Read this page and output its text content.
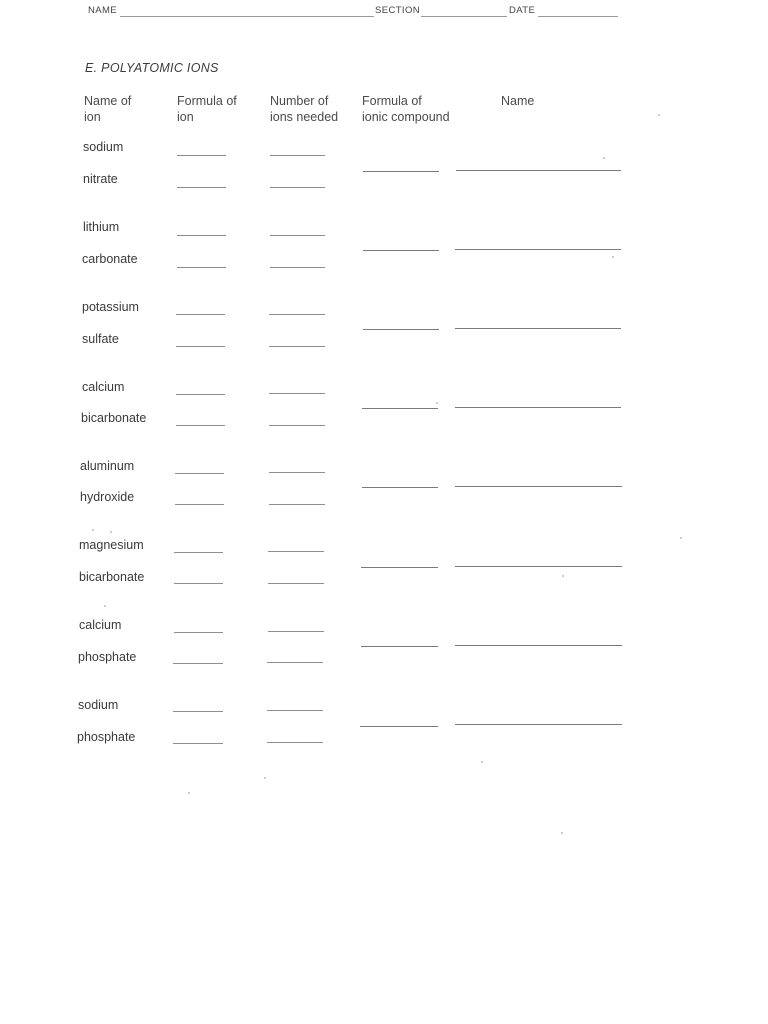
NAME	SECTION	DATE
E. POLYATOMIC IONS
Name of
ion
Formula of
ion
Number of
ions needed
Formula of
ionic compound
Name
sodium
nitrate
lithium
carbonate
potassium
sulfate
calcium
bicarbonate
aluminum
hydroxide
magnesium
bicarbonate
calcium
phosphate
sodium
phosphate
